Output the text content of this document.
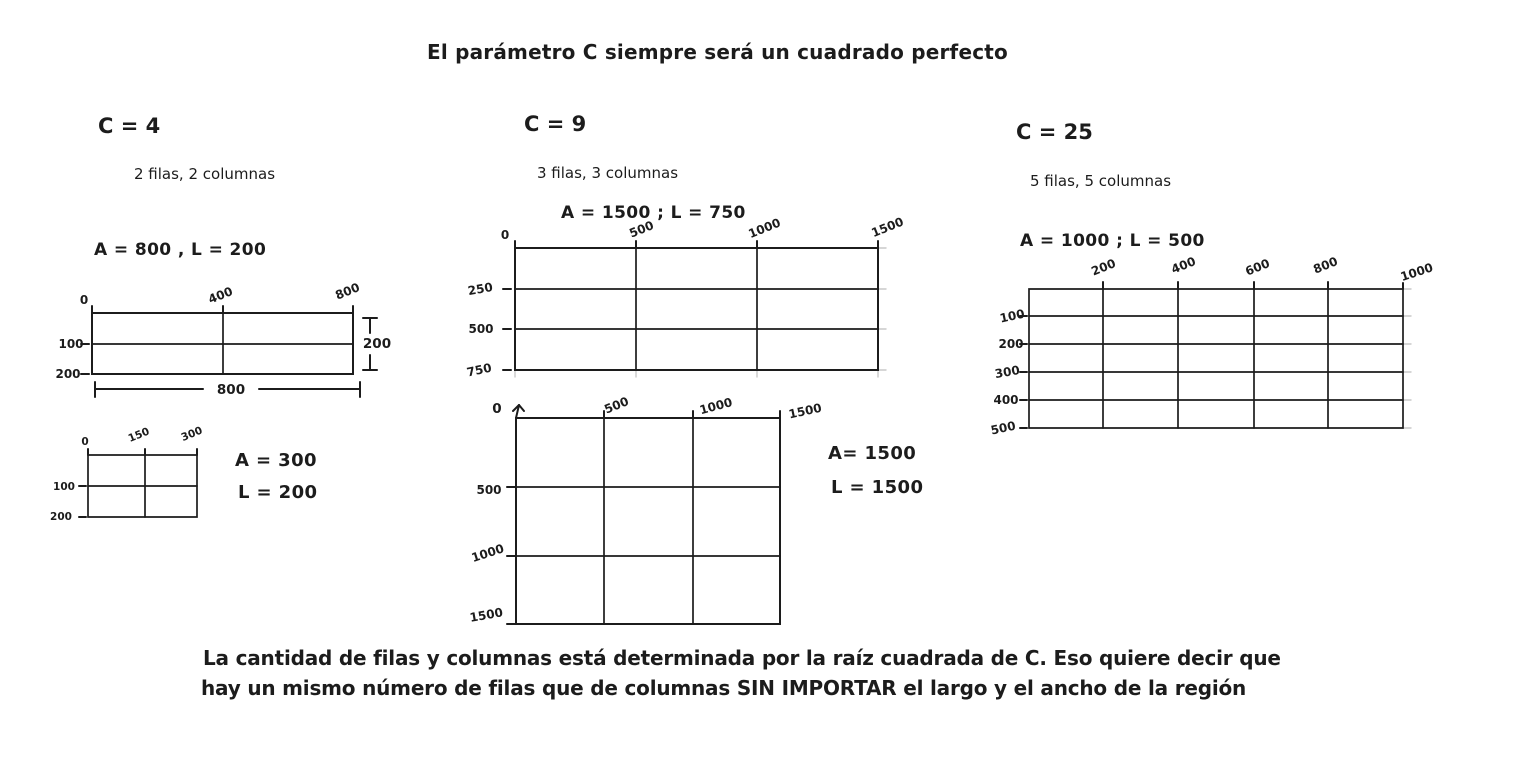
El parámetro C siempre será un cuadrado perfecto
C = 4
2 filas, 2 columnas
A = 800 , L = 200
C = 9
3 filas, 3 columnas
A = 1500 ; L = 750
C = 25
5 filas, 5 columnas
A = 1000 ; L = 500
0	400	800
100
200
200
800
0	150	300
100
200
A = 300
L = 200
0	500	1000	1500
250
500
750
0	500	1000	1500
500
1000
1500
A= 1500
L = 1500
200	400	600	800	1000
100
200
300
400
500
La cantidad de filas y columnas está determinada por la raíz cuadrada de C. Eso quiere decir que
hay un mismo número de filas que de columnas SIN IMPORTAR el largo y el ancho de la región
